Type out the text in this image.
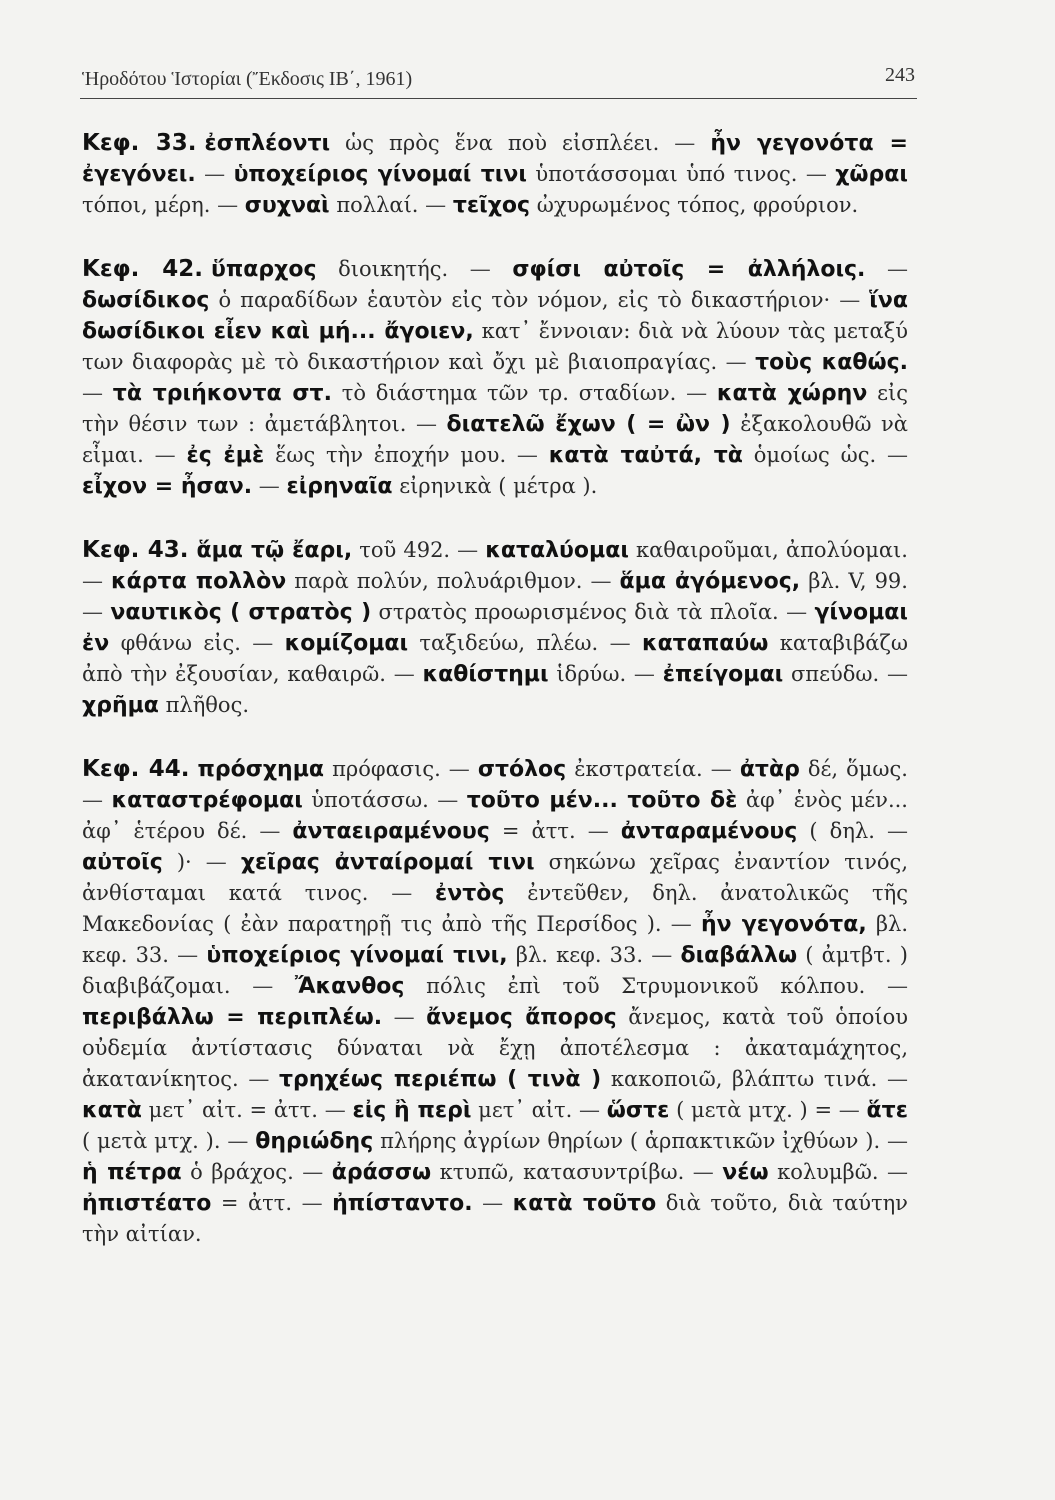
Ἡροδότου Ἱστορίαι (Ἔκδοσις ΙΒ΄, 1961)	243

Κεφ. 33. ἐσπλέοντι ὡς πρὸς ἕνα ποὺ εἰσπλέει. — ἦν γεγονότα = ἐγεγόνει. — ὑποχείριος γίνομαί τινι ὑποτάσσομαι ὑπό τινος. — χῶραι τόποι, μέρη. — συχναὶ πολλαί. — τεῖχος ὠχυρωμένος τόπος, φρούριον.

Κεφ. 42. ὕπαρχος διοικητής. — σφίσι αὐτοῖς = ἀλλήλοις. — δωσίδικος ὁ παραδίδων ἑαυτὸν εἰς τὸν νόμον, εἰς τὸ δικαστήριον· — ἵνα δωσίδικοι εἶεν καὶ μή... ἄγοιεν, κατ᾽ ἔννοιαν: διὰ νὰ λύουν τὰς μεταξύ των διαφορὰς μὲ τὸ δικαστήριον καὶ ὄχι μὲ βιαιοπραγίας. — τοὺς καθώς. — τὰ τριήκοντα στ. τὸ διάστημα τῶν τρ. σταδίων. — κατὰ χώρην εἰς τὴν θέσιν των : ἀμετάβλητοι. — διατελῶ ἔχων ( = ὢν ) ἐξακολουθῶ νὰ εἶμαι. — ἐς ἐμὲ ἕως τὴν ἐποχήν μου. — κατὰ ταὐτά, τὰ ὁμοίως ὡς. — εἶχον = ἦσαν. — εἰρηναῖα εἰρηνικὰ ( μέτρα ).

Κεφ. 43. ἅμα τῷ ἔαρι, τοῦ 492. — καταλύομαι καθαιροῦμαι, ἀπολύομαι. — κάρτα πολλὸν παρὰ πολύν, πολυάριθμον. — ἅμα ἀγόμενος, βλ. V, 99. — ναυτικὸς ( στρατὸς ) στρατὸς προωρισμένος διὰ τὰ πλοῖα. — γίνομαι ἐν φθάνω εἰς. — κομίζομαι ταξιδεύω, πλέω. — καταπαύω καταβιβάζω ἀπὸ τὴν ἐξουσίαν, καθαιρῶ. — καθίστημι ἱδρύω. — ἐπείγομαι σπεύδω. — χρῆμα πλῆθος.

Κεφ. 44. πρόσχημα πρόφασις. — στόλος ἐκστρατεία. — ἀτὰρ δέ, ὅμως. — καταστρέφομαι ὑποτάσσω. — τοῦτο μέν... τοῦτο δὲ ἀφ᾽ ἑνὸς μέν... ἀφ᾽ ἑτέρου δέ. — ἀνταειραμένους = ἀττ. — ἀνταραμένους ( δηλ. — αὐτοῖς )· — χεῖρας ἀνταίρομαί τινι σηκώνω χεῖρας ἐναντίον τινός, ἀνθίσταμαι κατά τινος. — ἐντὸς ἐντεῦθεν, δηλ. ἀνατολικῶς τῆς Μακεδονίας ( ἐὰν παρατηρῇ τις ἀπὸ τῆς Περσίδος ). — ἦν γεγονότα, βλ. κεφ. 33. — ὑποχείριος γίνομαί τινι, βλ. κεφ. 33. — διαβάλλω ( ἀμτβτ. ) διαβιβάζομαι. — Ἄκανθος πόλις ἐπὶ τοῦ Στρυμονικοῦ κόλπου. — περιβάλλω = περιπλέω. — ἄνεμος ἄπορος ἄνεμος, κατὰ τοῦ ὁποίου οὐδεμία ἀντίστασις δύναται νὰ ἔχῃ ἀποτέλεσμα : ἀκαταμάχητος, ἀκατανίκητος. — τρηχέως περιέπω ( τινὰ ) κακοποιῶ, βλάπτω τινά. — κατὰ μετ᾽ αἰτ. = ἀττ. — εἰς ἢ περὶ μετ᾽ αἰτ. — ὥστε ( μετὰ μτχ. ) = — ἅτε ( μετὰ μτχ. ). — θηριώδης πλήρης ἀγρίων θηρίων ( ἁρπακτικῶν ἰχθύων ). — ἡ πέτρα ὁ βράχος. — ἀράσσω κτυπῶ, κατασυντρίβω. — νέω κολυμβῶ. — ἠπιστέατο = ἀττ. — ἠπίσταντο. — κατὰ τοῦτο διὰ τοῦτο, διὰ ταύτην τὴν αἰτίαν.
